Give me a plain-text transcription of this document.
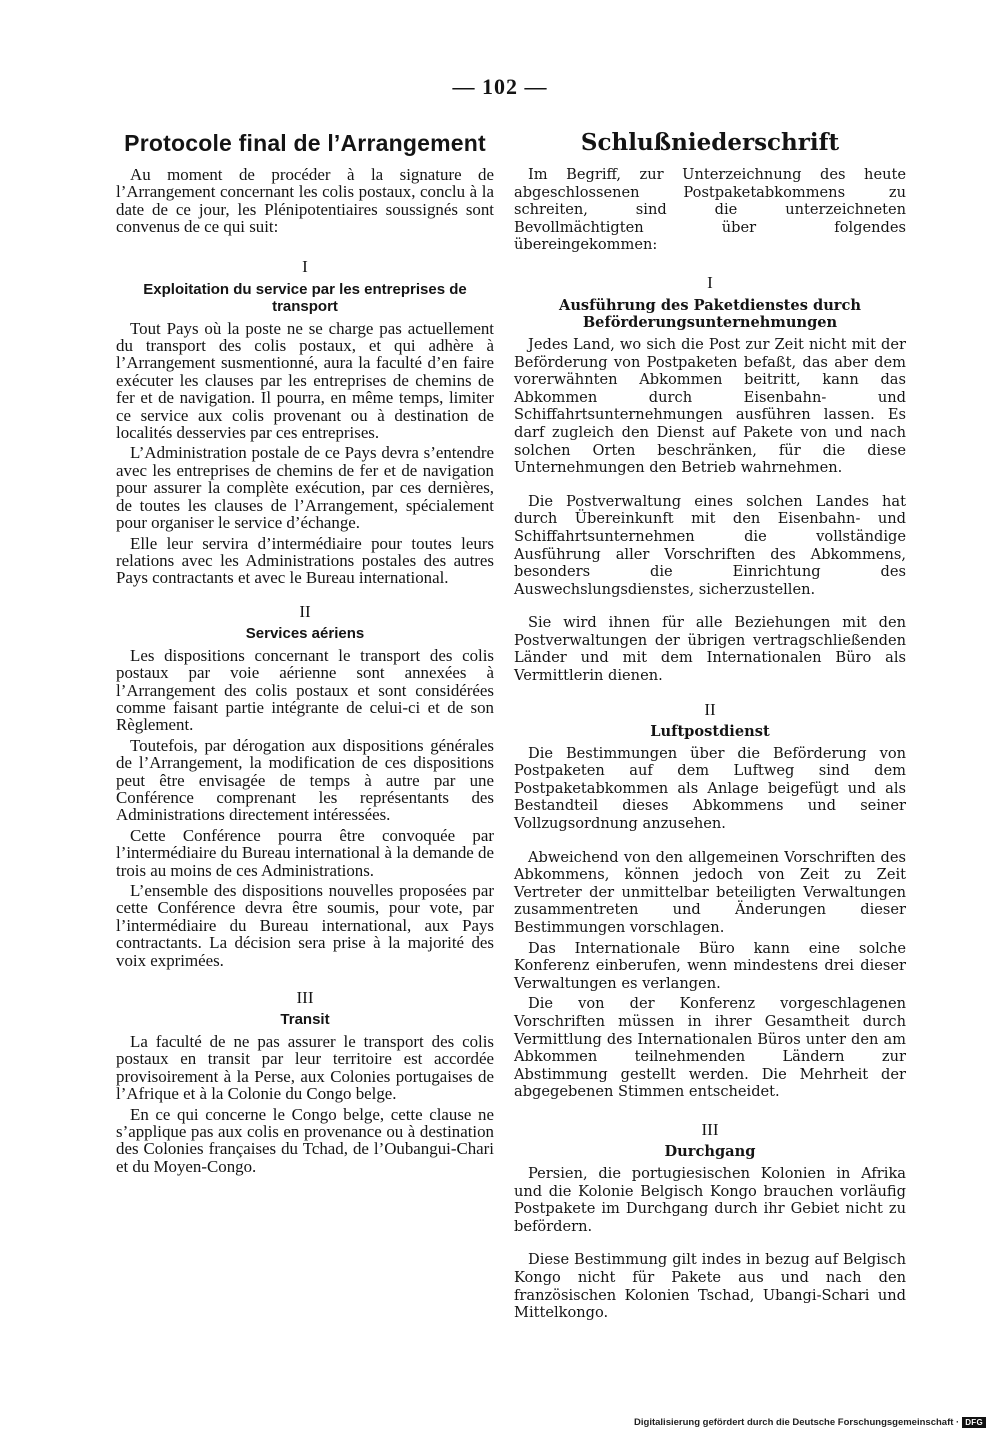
— 102 —
Protocole final de l’Arrangement

Au moment de procéder à la signature de l’Arrangement concernant les colis postaux, conclu à la date de ce jour, les Plénipotentiaires soussignés sont convenus de ce qui suit:

I
Exploitation du service par les entreprises de transport

Tout Pays où la poste ne se charge pas actuellement du transport des colis postaux, et qui adhère à l’Arrangement susmentionné, aura la faculté d’en faire exécuter les clauses par les entreprises de chemins de fer et de navigation. Il pourra, en même temps, limiter ce service aux colis provenant ou à destination de localités desservies par ces entreprises.

L’Administration postale de ce Pays devra s’entendre avec les entreprises de chemins de fer et de navigation pour assurer la complète exécution, par ces dernières, de toutes les clauses de l’Arrangement, spécialement pour organiser le service d’échange.

Elle leur servira d’intermédiaire pour toutes leurs relations avec les Administrations postales des autres Pays contractants et avec le Bureau international.

II
Services aériens

Les dispositions concernant le transport des colis postaux par voie aérienne sont annexées à l’Arrangement des colis postaux et sont considérées comme faisant partie intégrante de celui-ci et de son Règlement.

Toutefois, par dérogation aux dispositions générales de l’Arrangement, la modification de ces dispositions peut être envisagée de temps à autre par une Conférence comprenant les représentants des Administrations directement intéressées.

Cette Conférence pourra être convoquée par l’intermédiaire du Bureau international à la demande de trois au moins de ces Administrations.

L’ensemble des dispositions nouvelles proposées par cette Conférence devra être soumis, pour vote, par l’intermédiaire du Bureau international, aux Pays contractants. La décision sera prise à la majorité des voix exprimées.

III
Transit

La faculté de ne pas assurer le transport des colis postaux en transit par leur territoire est accordée provisoirement à la Perse, aux Colonies portugaises de l’Afrique et à la Colonie du Congo belge.

En ce qui concerne le Congo belge, cette clause ne s’applique pas aux colis en provenance ou à destination des Colonies françaises du Tchad, de l’Oubangui-Chari et du Moyen-Congo.

Schlußniederschrift

Im Begriff, zur Unterzeichnung des heute abgeschlossenen Postpaketabkommens zu schreiten, sind die unterzeichneten Bevollmächtigten über folgendes übereingekommen:

I
Ausführung des Paketdienstes durch Beförderungsunternehmungen

Jedes Land, wo sich die Post zur Zeit nicht mit der Beförderung von Postpaketen befaßt, das aber dem vorerwähnten Abkommen beitritt, kann das Abkommen durch Eisenbahn- und Schiffahrtsunternehmungen ausführen lassen. Es darf zugleich den Dienst auf Pakete von und nach solchen Orten beschränken, für die diese Unternehmungen den Betrieb wahrnehmen.

Die Postverwaltung eines solchen Landes hat durch Übereinkunft mit den Eisenbahn- und Schiffahrtsunternehmen die vollständige Ausführung aller Vorschriften des Abkommens, besonders die Einrichtung des Auswechslungsdienstes, sicherzustellen.

Sie wird ihnen für alle Beziehungen mit den Postverwaltungen der übrigen vertragschließenden Länder und mit dem Internationalen Büro als Vermittlerin dienen.

II
Luftpostdienst

Die Bestimmungen über die Beförderung von Postpaketen auf dem Luftweg sind dem Postpaketabkommen als Anlage beigefügt und als Bestandteil dieses Abkommens und seiner Vollzugsordnung anzusehen.

Abweichend von den allgemeinen Vorschriften des Abkommens, können jedoch von Zeit zu Zeit Vertreter der unmittelbar beteiligten Verwaltungen zusammentreten und Änderungen dieser Bestimmungen vorschlagen.

Das Internationale Büro kann eine solche Konferenz einberufen, wenn mindestens drei dieser Verwaltungen es verlangen.

Die von der Konferenz vorgeschlagenen Vorschriften müssen in ihrer Gesamtheit durch Vermittlung des Internationalen Büros unter den am Abkommen teilnehmenden Ländern zur Abstimmung gestellt werden. Die Mehrheit der abgegebenen Stimmen entscheidet.

III
Durchgang

Persien, die portugiesischen Kolonien in Afrika und die Kolonie Belgisch Kongo brauchen vorläufig Postpakete im Durchgang durch ihr Gebiet nicht zu befördern.

Diese Bestimmung gilt indes in bezug auf Belgisch Kongo nicht für Pakete aus und nach den französischen Kolonien Tschad, Ubangi-Schari und Mittelkongo.

Digitalisierung gefördert durch die Deutsche Forschungsgemeinschaft · DFG
